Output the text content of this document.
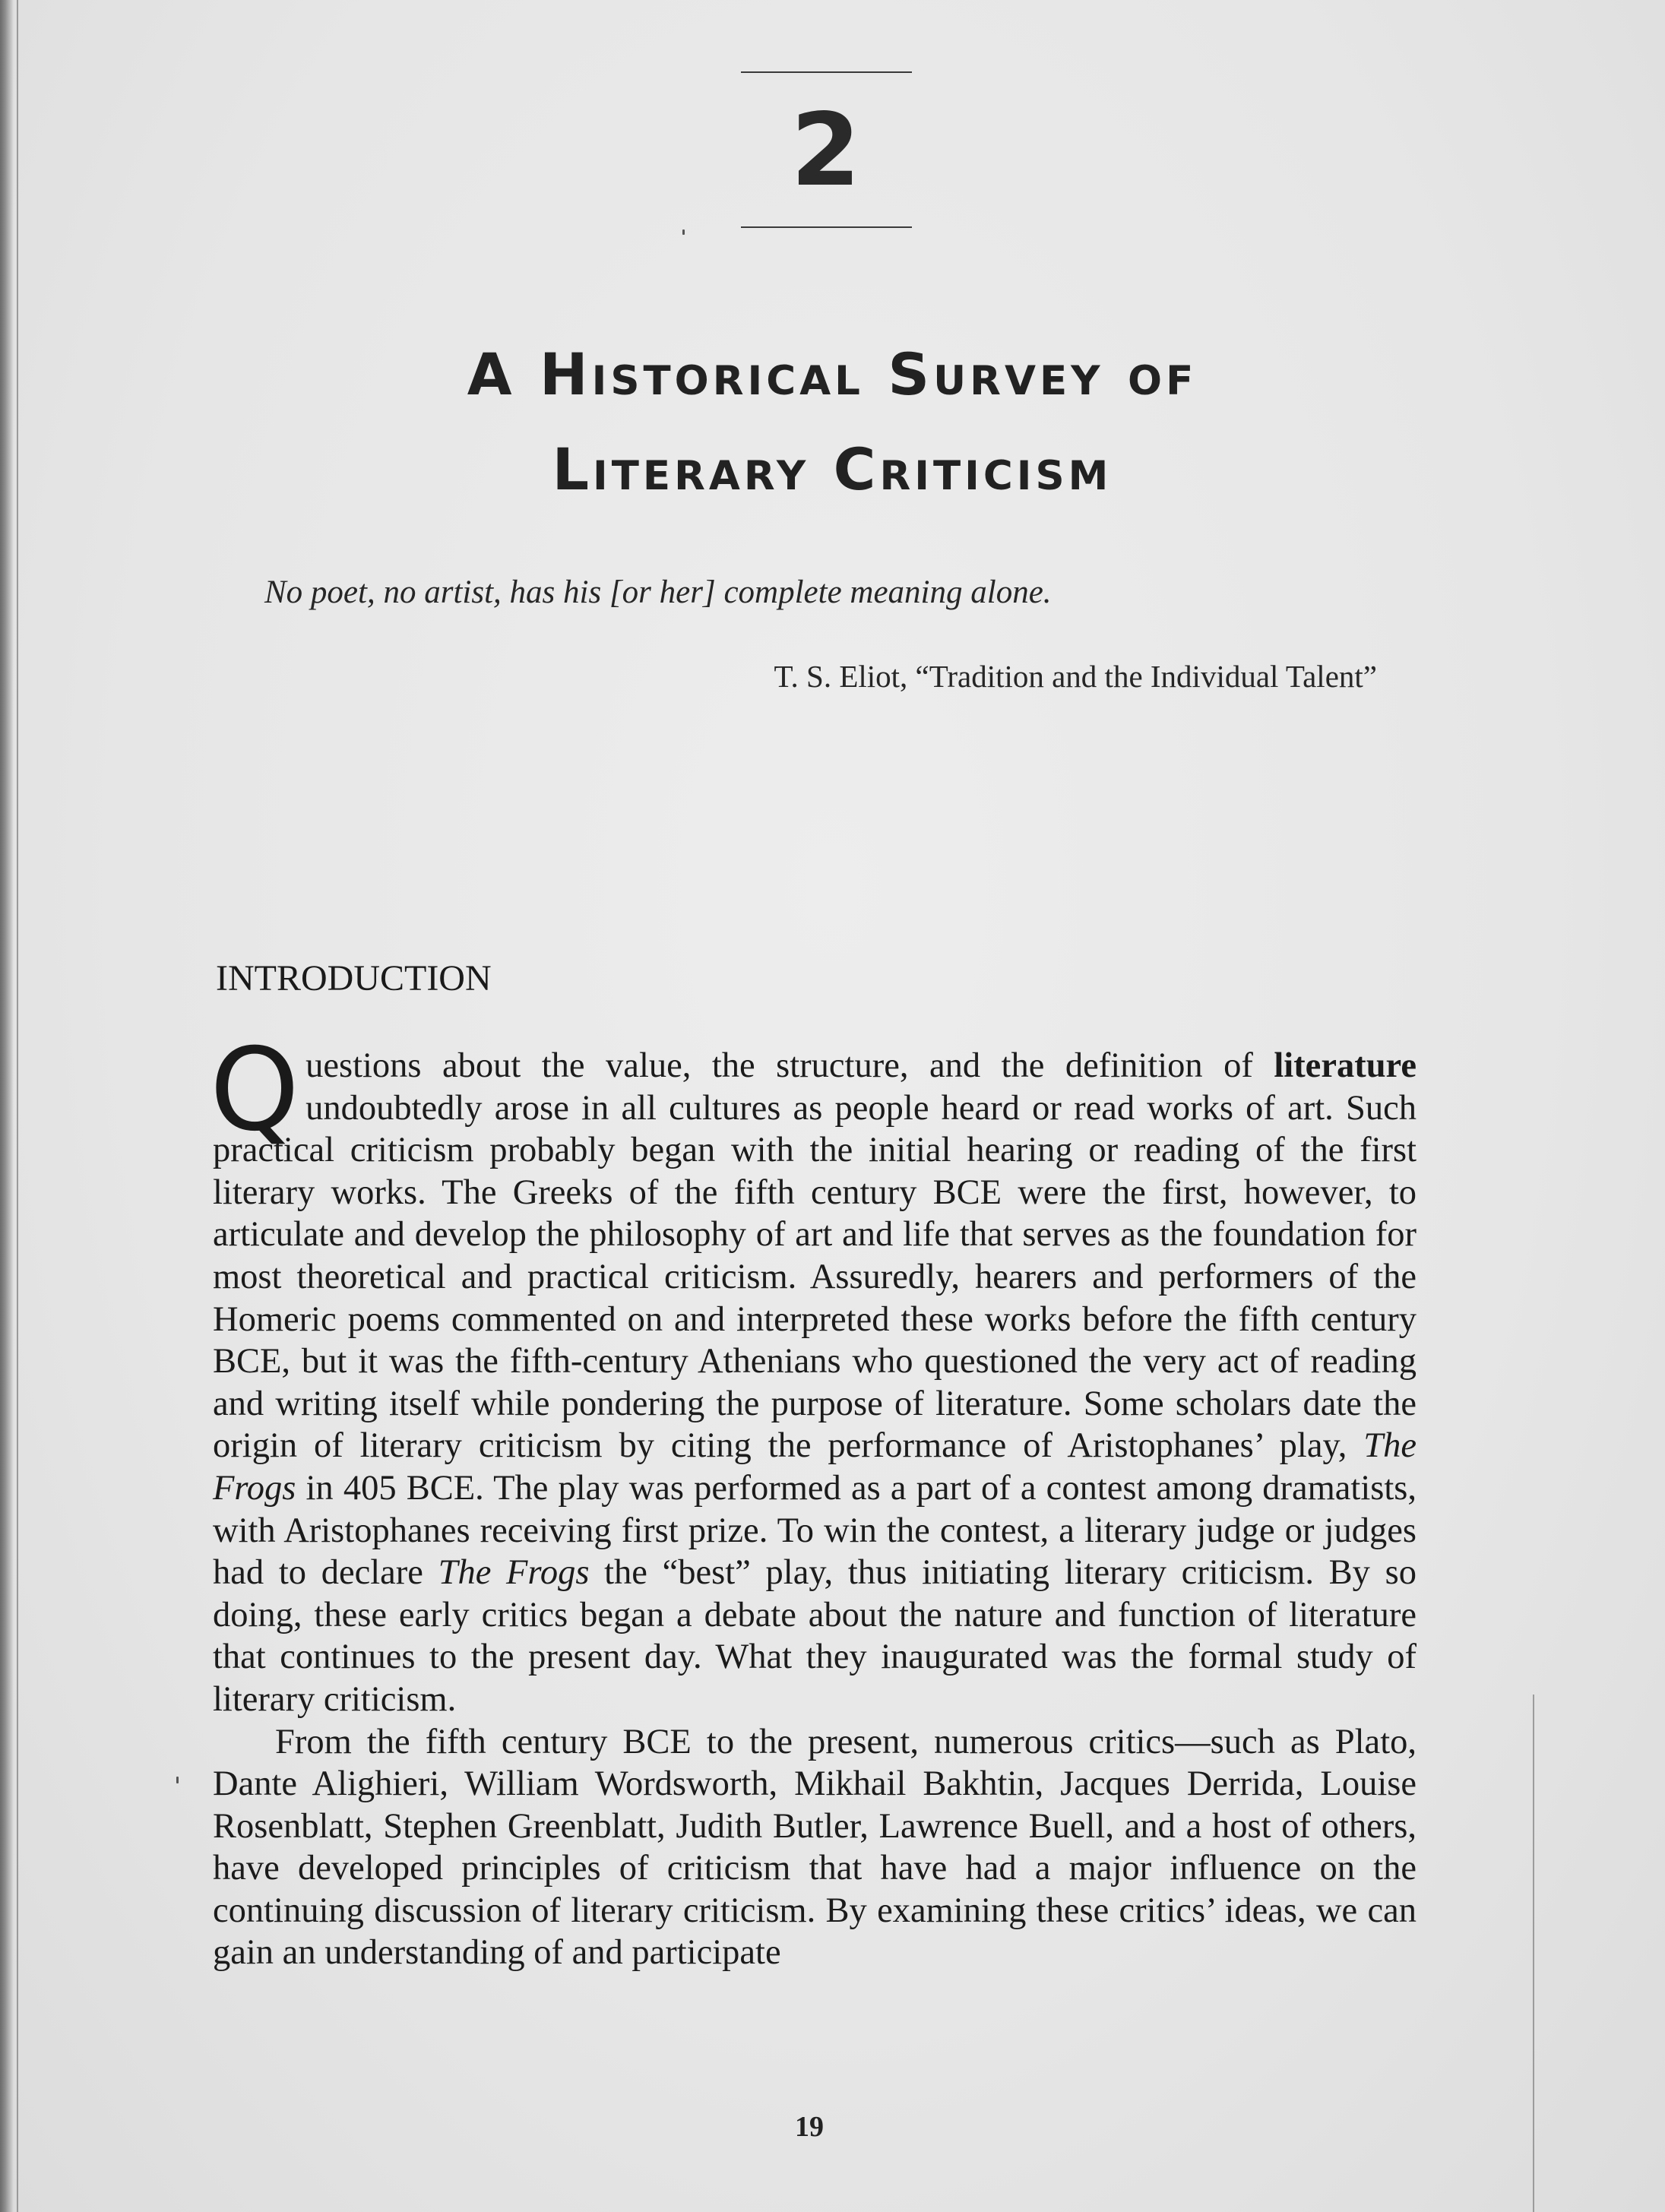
2
A Historical Survey of
Literary Criticism
No poet, no artist, has his [or her] complete meaning alone.
T. S. Eliot, “Tradition and the Individual Talent”
INTRODUCTION

Questions about the value, the structure, and the definition of literature undoubtedly arose in all cultures as people heard or read works of art. Such practical criticism probably began with the initial hearing or reading of the first literary works. The Greeks of the fifth century BCE were the first, however, to articulate and develop the philosophy of art and life that serves as the foundation for most theoretical and practical criticism. Assuredly, hearers and performers of the Homeric poems commented on and interpreted these works before the fifth century BCE, but it was the fifth-century Athenians who questioned the very act of reading and writing itself while pondering the purpose of literature. Some scholars date the origin of literary criticism by citing the performance of Aristophanes’ play, The Frogs in 405 BCE. The play was performed as a part of a contest among dramatists, with Aristophanes receiving first prize. To win the contest, a literary judge or judges had to declare The Frogs the “best” play, thus initiating literary criticism. By so doing, these early critics began a debate about the nature and function of literature that continues to the present day. What they inaugurated was the formal study of literary criticism.

From the fifth century BCE to the present, numerous critics—such as Plato, Dante Alighieri, William Wordsworth, Mikhail Bakhtin, Jacques Derrida, Louise Rosenblatt, Stephen Greenblatt, Judith Butler, Lawrence Buell, and a host of others, have developed principles of criticism that have had a major influence on the continuing discussion of literary criticism. By examining these critics’ ideas, we can gain an understanding of and participate

19
